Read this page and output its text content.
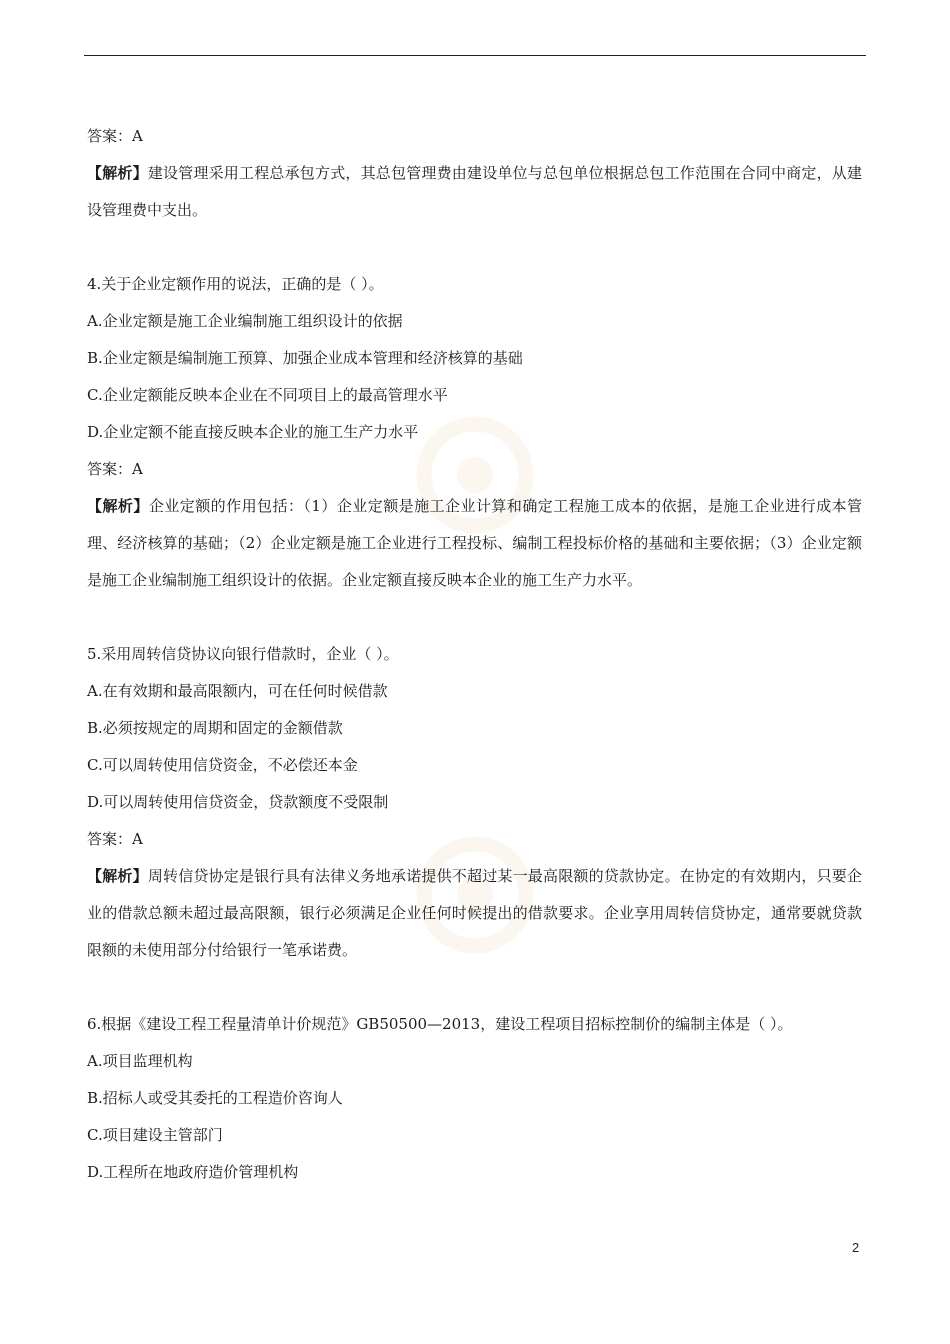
答案：A
【解析】建设管理采用工程总承包方式，其总包管理费由建设单位与总包单位根据总包工作范围在合同中商定，从建设管理费中支出。
4.关于企业定额作用的说法，正确的是（ ）。
A.企业定额是施工企业编制施工组织设计的依据
B.企业定额是编制施工预算、加强企业成本管理和经济核算的基础
C.企业定额能反映本企业在不同项目上的最高管理水平
D.企业定额不能直接反映本企业的施工生产力水平
答案：A
【解析】企业定额的作用包括：（1）企业定额是施工企业计算和确定工程施工成本的依据，是施工企业进行成本管理、经济核算的基础；（2）企业定额是施工企业进行工程投标、编制工程投标价格的基础和主要依据；（3）企业定额是施工企业编制施工组织设计的依据。企业定额直接反映本企业的施工生产力水平。
5.采用周转信贷协议向银行借款时，企业（ ）。
A.在有效期和最高限额内，可在任何时候借款
B.必须按规定的周期和固定的金额借款
C.可以周转使用信贷资金，不必偿还本金
D.可以周转使用信贷资金，贷款额度不受限制
答案：A
【解析】周转信贷协定是银行具有法律义务地承诺提供不超过某一最高限额的贷款协定。在协定的有效期内，只要企业的借款总额未超过最高限额，银行必须满足企业任何时候提出的借款要求。企业享用周转信贷协定，通常要就贷款限额的未使用部分付给银行一笔承诺费。
6.根据《建设工程工程量清单计价规范》GB50500—2013，建设工程项目招标控制价的编制主体是（ ）。
A.项目监理机构
B.招标人或受其委托的工程造价咨询人
C.项目建设主管部门
D.工程所在地政府造价管理机构
2
